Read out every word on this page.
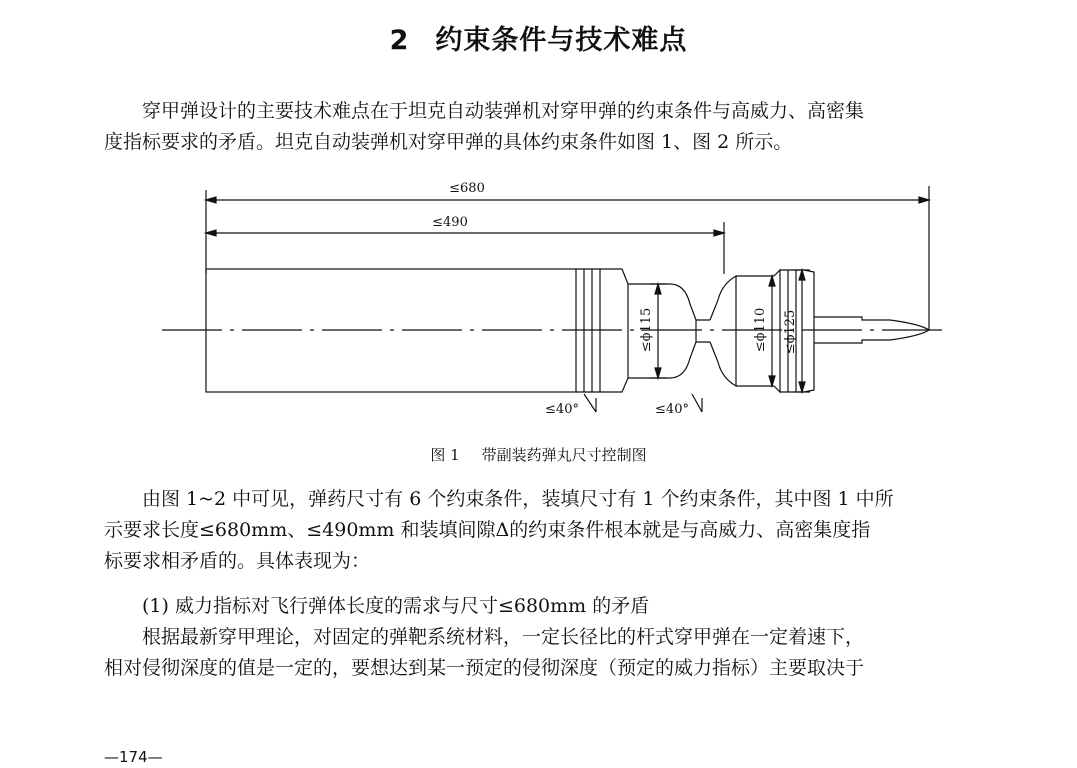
2 约束条件与技术难点

穿甲弹设计的主要技术难点在于坦克自动装弹机对穿甲弹的约束条件与高威力、高密集
度指标要求的矛盾。坦克自动装弹机对穿甲弹的具体约束条件如图 1、图 2 所示。

≤680
≤490
≤ϕ115	≤ϕ110 ≤ϕ125
≤40°	≤40°
图 1 带副装药弹丸尺寸控制图

由图 1~2 中可见，弹药尺寸有 6 个约束条件，装填尺寸有 1 个约束条件，其中图 1 中所
示要求长度≤680mm、≤490mm 和装填间隙Δ的约束条件根本就是与高威力、高密集度指
标要求相矛盾的。具体表现为：

(1) 威力指标对飞行弹体长度的需求与尺寸≤680mm 的矛盾

根据最新穿甲理论，对固定的弹靶系统材料，一定长径比的杆式穿甲弹在一定着速下，
相对侵彻深度的值是一定的，要想达到某一预定的侵彻深度（预定的威力指标）主要取决于

—174—
